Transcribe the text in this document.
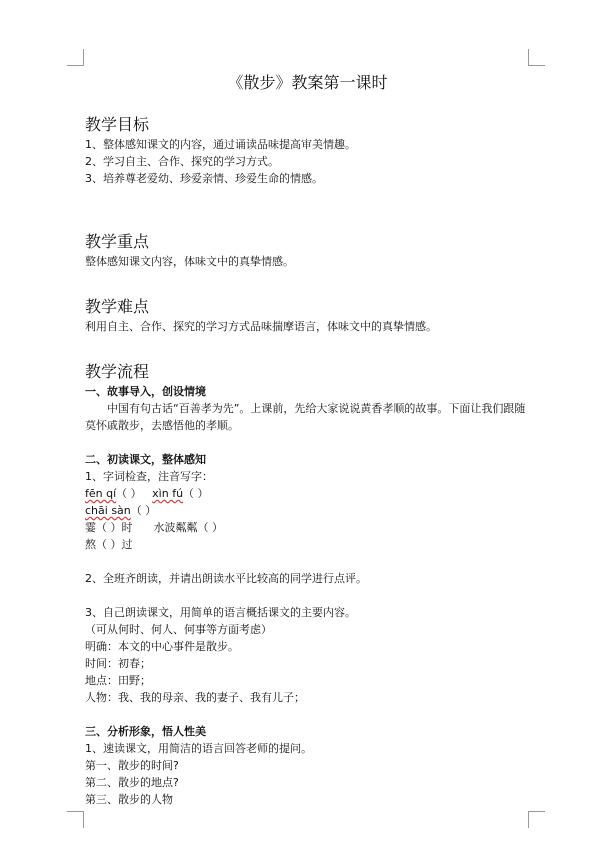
《散步》教案第一课时
教学目标

1、整体感知课文的内容，通过诵读品味提高审美情趣。

2、学习自主、合作、探究的学习方式。

3、培养尊老爱幼、珍爱亲情、珍爱生命的情感。

教学重点

整体感知课文内容，体味文中的真挚情感。

教学难点

利用自主、合作、探究的学习方式品味揣摩语言，体味文中的真挚情感。

教学流程

一、故事导入，创设情境

中国有句古话“百善孝为先”。上课前，先给大家说说黄香孝顺的故事。下面让我们跟随莫怀戚散步，去感悟他的孝顺。

二、初读课文，整体感知

1、字词检查，注音写字：

fēn qí（ ） xìn fú（ ）

chāi sàn（ ）

霎（ ）时 水波粼粼（ ）

熬（ ）过

2、全班齐朗读，并请出朗读水平比较高的同学进行点评。

3、自己朗读课文，用简单的语言概括课文的主要内容。

（可从何时、何人、何事等方面考虑）

明确：本文的中心事件是散步。

时间：初春；

地点：田野；

人物：我、我的母亲、我的妻子、我有儿子；

三、分析形象，悟人性美

1、速读课文，用简洁的语言回答老师的提问。

第一、散步的时间?

第二、散步的地点?

第三、散步的人物
